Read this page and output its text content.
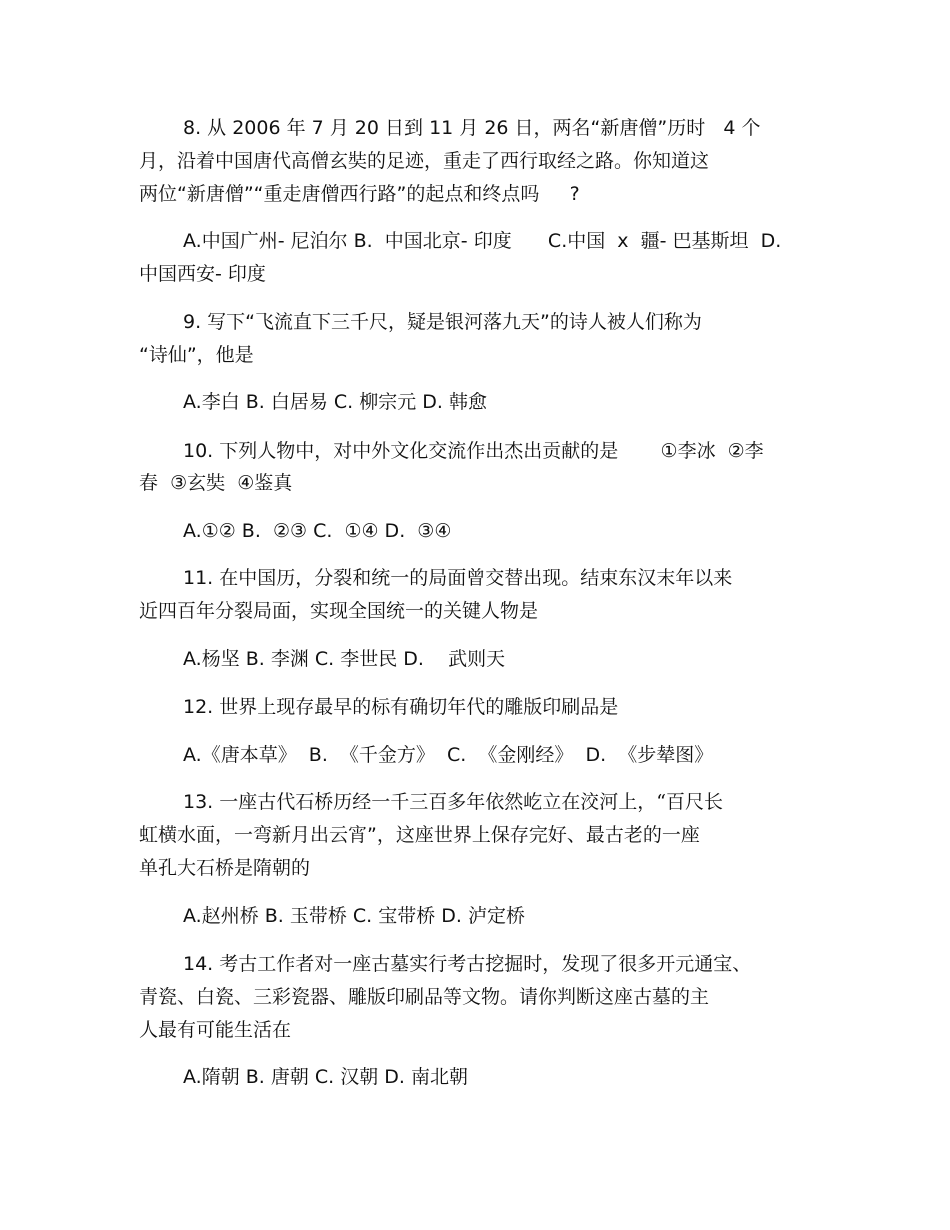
8. 从 2006 年 7 月 20 日到 11 月 26 日，两名“新唐僧”历时   4 个
月，沿着中国唐代高僧玄奘的足迹，重走了西行取经之路。你知道这
两位“新唐僧”“重走唐僧西行路”的起点和终点吗     ?
A.中国广州- 尼泊尔 B.  中国北京- 印度      C.中国  x  疆- 巴基斯坦  D.
中国西安- 印度
9. 写下“飞流直下三千尺，疑是银河落九天”的诗人被人们称为
“诗仙”，他是
A.李白 B. 白居易 C. 柳宗元 D. 韩愈
10. 下列人物中，对中外文化交流作出杰出贡献的是       ①李冰  ②李
春  ③玄奘  ④鉴真
A.①② B.  ②③ C.  ①④ D.  ③④
11. 在中国历，分裂和统一的局面曾交替出现。结束东汉末年以来
近四百年分裂局面，实现全国统一的关键人物是
A.杨坚 B. 李渊 C. 李世民 D.    武则天
12. 世界上现存最早的标有确切年代的雕版印刷品是
A.《唐本草》  B.  《千金方》  C.  《金刚经》  D.  《步辇图》
13. 一座古代石桥历经一千三百多年依然屹立在洨河上，“百尺长
虹横水面，一弯新月出云宵”，这座世界上保存完好、最古老的一座
单孔大石桥是隋朝的
A.赵州桥 B. 玉带桥 C. 宝带桥 D. 泸定桥
14. 考古工作者对一座古墓实行考古挖掘时，发现了很多开元通宝、
青瓷、白瓷、三彩瓷器、雕版印刷品等文物。请你判断这座古墓的主
人最有可能生活在
A.隋朝 B. 唐朝 C. 汉朝 D. 南北朝
